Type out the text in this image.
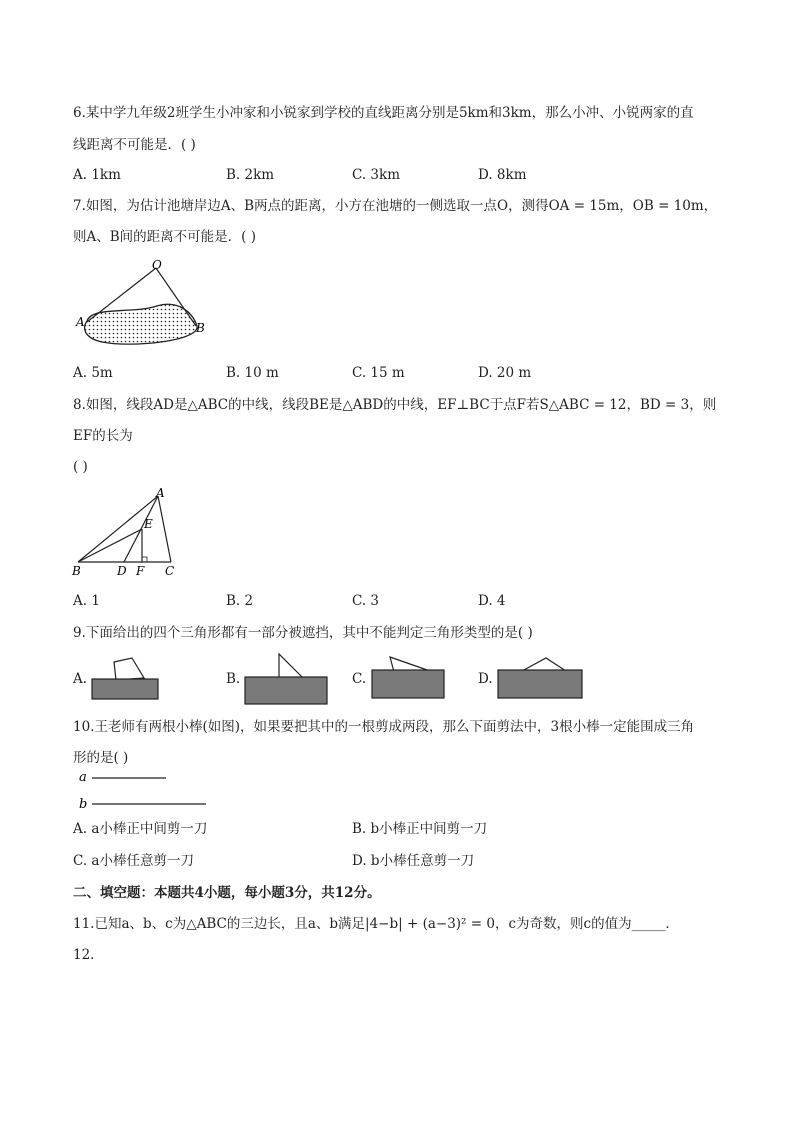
6.某中学九年级2班学生小冲家和小锐家到学校的直线距离分别是5km和3km，那么小冲、小锐两家的直
线距离不可能是．( )
A. 1km	B. 2km	C. 3km	D. 8km
7.如图，为估计池塘岸边A、B两点的距离，小方在池塘的一侧选取一点O，测得OA = 15m，OB = 10m，
则A、B间的距离不可能是．( )
O
A	B
A. 5m	B. 10 m	C. 15 m	D. 20 m
8.如图，线段AD是△ABC的中线，线段BE是△ABD的中线，EF⊥BC于点F若S△ABC = 12，BD = 3，则
EF的长为
( )
A
B	C
D
E
F
A. 1	B. 2	C. 3	D. 4
9.下面给出的四个三角形都有一部分被遮挡，其中不能判定三角形类型的是( )
A.	B.	C.	D.
10.王老师有两根小棒(如图)，如果要把其中的一根剪成两段，那么下面剪法中，3根小棒一定能围成三角
形的是( )
a
b
A. a小棒正中间剪一刀	B. b小棒正中间剪一刀
C. a小棒任意剪一刀	D. b小棒任意剪一刀
二、填空题：本题共4小题，每小题3分，共12分。
11.已知a、b、c为△ABC的三边长，且a、b满足|4−b| + (a−3)² = 0，c为奇数，则c的值为_____．
12.
